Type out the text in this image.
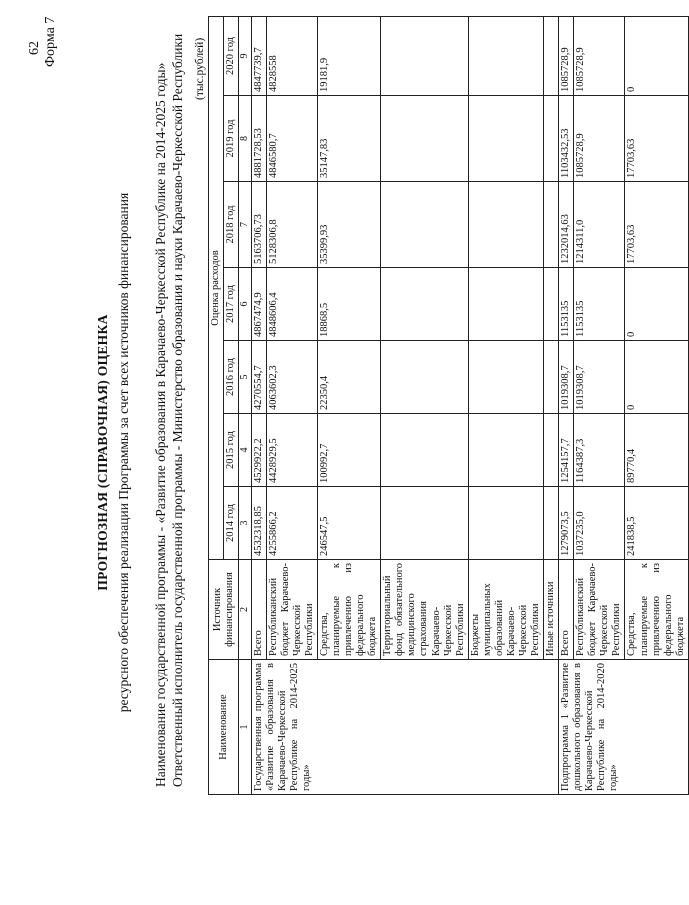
62 Форма 7
ПРОГНОЗНАЯ (СПРАВОЧНАЯ) ОЦЕНКА ресурсного обеспечения реализации Программы за счет всех источников финансирования Наименование государственной программы - «Развитие образования в Карачаево-Черкесской Республике на 2014-2025 годы» Ответственный исполнитель государственной программы - Министерство образования и науки Карачаево-Черкесской Республики (тыс.рублей)
Наименование	Источник финансирования	Оценка расходов						
		2014 год	2015 год	2016 год	2017 год	2018 год	2019 год	2020 год
1	2	3	4	5	6	7	8	9
Государственная программа «Развитие образования в Карачаево-Черкесской Республике на 2014-2025 годы»	Всего	4532318,85	4529922,2	4270554,7	4867474,9	5163706,73	4881728,53	4847739,7
	Республиканский бюджет Карачаево-Черкесской Республики	4255866,2	4428929,5	4063602,3	4848606,4	5128306,8	4846580,7	4828558
	Средства, планируемые к привлечению из федерального бюджета	246547,5	100992,7	22350,4	18868,5	35399,93	35147,83	19181,9
	Территориальный фонд обязательного медицинского страхования Карачаево-Черкесской Республики							
	Бюджеты муниципальных образований Карачаево-Черкесской Республики							
	Иные источники							
Подпрограмма 1 «Развитие дошкольного образования в Карачаево-Черкесской Республике на 2014-2020 годы»	Всего	1279073,5	1254157,7	1019308,7	1153135	1232014,63	1103432,53	1085728,9
	Республиканский бюджет Карачаево-Черкесской Республики	1037235,0	1164387,3	1019308,7	1153135	1214311,0	1085728,9	1085728,9
	Средства, планируемые к привлечению из федерального бюджета	241838,5	89770,4	0	0	17703,63	17703,63	0
